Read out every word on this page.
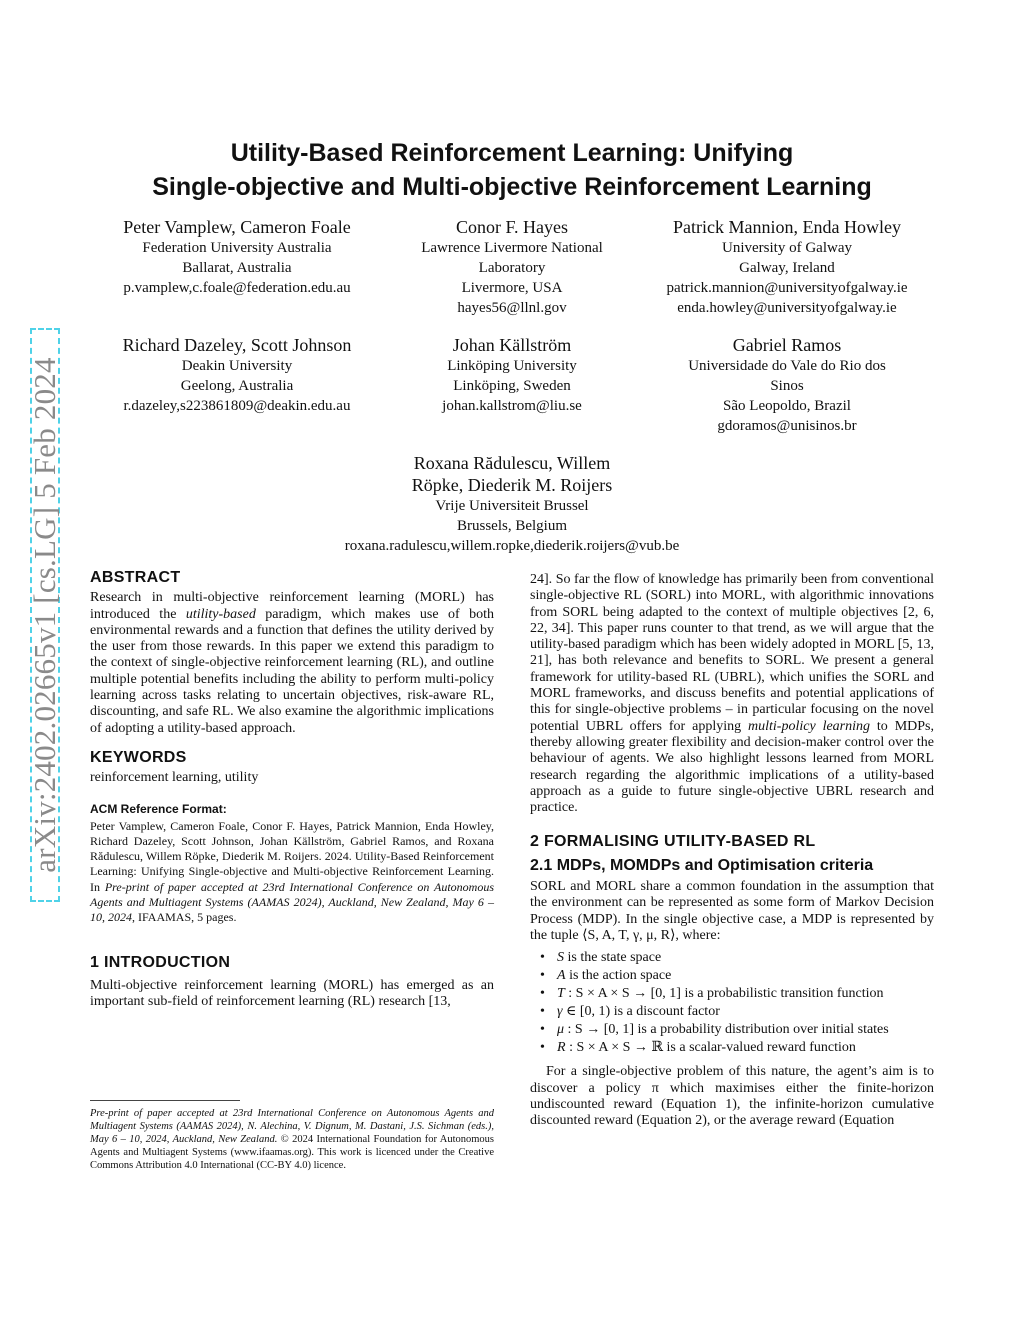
arXiv:2402.02665v1 [cs.LG] 5 Feb 2024
Utility-Based Reinforcement Learning: Unifying
Single-objective and Multi-objective Reinforcement Learning
Peter Vamplew, Cameron Foale
Federation University Australia
Ballarat, Australia
p.vamplew,c.foale@federation.edu.au
Conor F. Hayes
Lawrence Livermore National
Laboratory
Livermore, USA
hayes56@llnl.gov
Patrick Mannion, Enda Howley
University of Galway
Galway, Ireland
patrick.mannion@universityofgalway.ie
enda.howley@universityofgalway.ie
Richard Dazeley, Scott Johnson
Deakin University
Geelong, Australia
r.dazeley,s223861809@deakin.edu.au
Johan Källström
Linköping University
Linköping, Sweden
johan.kallstrom@liu.se
Gabriel Ramos
Universidade do Vale do Rio dos
Sinos
São Leopoldo, Brazil
gdoramos@unisinos.br
Roxana Rădulescu, Willem
Röpke, Diederik M. Roijers
Vrije Universiteit Brussel
Brussels, Belgium
roxana.radulescu,willem.ropke,diederik.roijers@vub.be
ABSTRACT

Research in multi-objective reinforcement learning (MORL) has introduced the utility-based paradigm, which makes use of both environmental rewards and a function that defines the utility derived by the user from those rewards. In this paper we extend this paradigm to the context of single-objective reinforcement learning (RL), and outline multiple potential benefits including the ability to perform multi-policy learning across tasks relating to uncertain objectives, risk-aware RL, discounting, and safe RL. We also examine the algorithmic implications of adopting a utility-based approach.

KEYWORDS

reinforcement learning, utility

ACM Reference Format:

Peter Vamplew, Cameron Foale, Conor F. Hayes, Patrick Mannion, Enda Howley, Richard Dazeley, Scott Johnson, Johan Källström, Gabriel Ramos, and Roxana Rădulescu, Willem Röpke, Diederik M. Roijers. 2024. Utility-Based Reinforcement Learning: Unifying Single-objective and Multi-objective Reinforcement Learning. In Pre-print of paper accepted at 23rd International Conference on Autonomous Agents and Multiagent Systems (AAMAS 2024), Auckland, New Zealand, May 6 – 10, 2024, IFAAMAS, 5 pages.

1 INTRODUCTION

Multi-objective reinforcement learning (MORL) has emerged as an important sub-field of reinforcement learning (RL) research [13,

Pre-print of paper accepted at 23rd International Conference on Autonomous Agents and Multiagent Systems (AAMAS 2024), N. Alechina, V. Dignum, M. Dastani, J.S. Sichman (eds.), May 6 – 10, 2024, Auckland, New Zealand. © 2024 International Foundation for Autonomous Agents and Multiagent Systems (www.ifaamas.org). This work is licenced under the Creative Commons Attribution 4.0 International (CC-BY 4.0) licence.

24]. So far the flow of knowledge has primarily been from conventional single-objective RL (SORL) into MORL, with algorithmic innovations from SORL being adapted to the context of multiple objectives [2, 6, 22, 34]. This paper runs counter to that trend, as we will argue that the utility-based paradigm which has been widely adopted in MORL [5, 13, 21], has both relevance and benefits to SORL. We present a general framework for utility-based RL (UBRL), which unifies the SORL and MORL frameworks, and discuss benefits and potential applications of this for single-objective problems – in particular focusing on the novel potential UBRL offers for applying multi-policy learning to MDPs, thereby allowing greater flexibility and decision-maker control over the behaviour of agents. We also highlight lessons learned from MORL research regarding the algorithmic implications of a utility-based approach as a guide to future single-objective UBRL research and practice.

2 FORMALISING UTILITY-BASED RL
2.1 MDPs, MOMDPs and Optimisation criteria

SORL and MORL share a common foundation in the assumption that the environment can be represented as some form of Markov Decision Process (MDP). In the single objective case, a MDP is represented by the tuple ⟨S, A, T, γ, μ, R⟩, where:

• S is the state space
• A is the action space
• T : S × A × S → [0, 1] is a probabilistic transition function
• γ ∈ [0, 1) is a discount factor
• μ : S → [0, 1] is a probability distribution over initial states
• R : S × A × S → ℝ is a scalar-valued reward function

For a single-objective problem of this nature, the agent’s aim is to discover a policy π which maximises either the finite-horizon undiscounted reward (Equation 1), the infinite-horizon cumulative discounted reward (Equation 2), or the average reward (Equation
